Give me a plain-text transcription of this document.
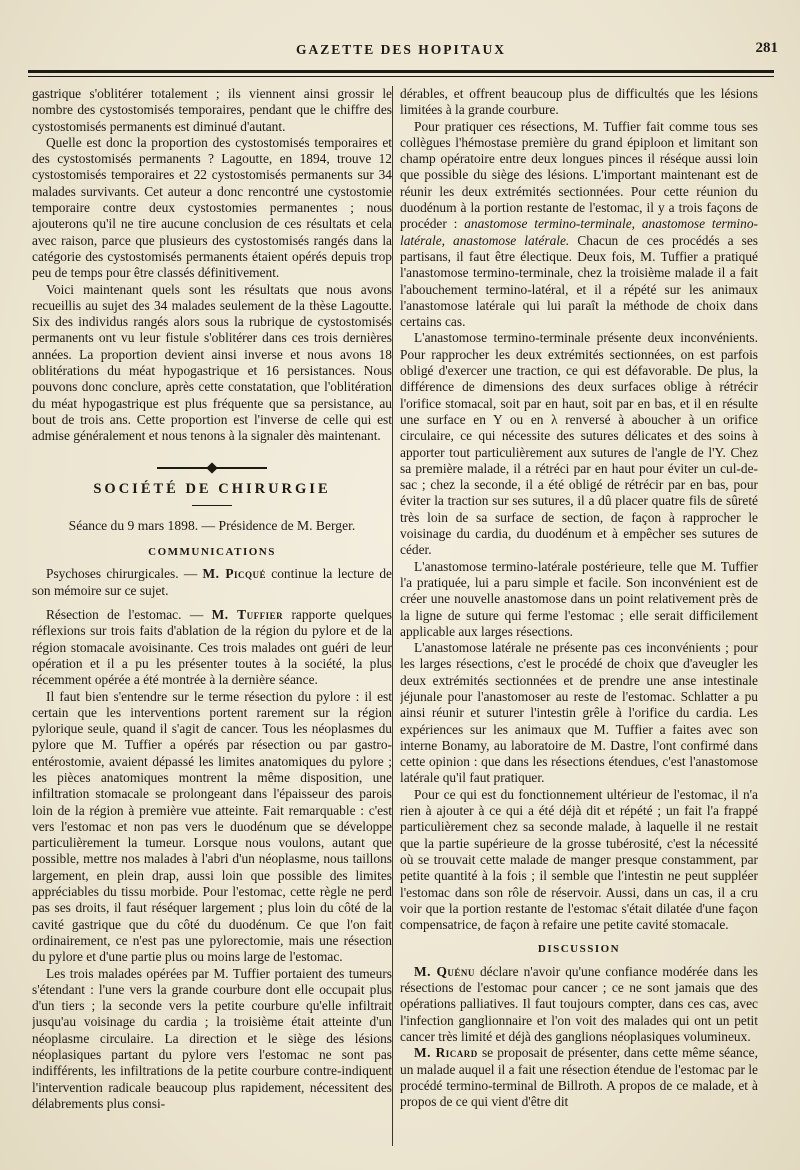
GAZETTE DES HOPITAUX	281

gastrique s'oblitérer totalement ; ils viennent ainsi grossir le nombre des cystostomisés temporaires, pendant que le chiffre des cystostomisés permanents est diminué d'autant.

Quelle est donc la proportion des cystostomisés temporaires et des cystostomisés permanents ? Lagoutte, en 1894, trouve 12 cystostomisés temporaires et 22 cystostomisés permanents sur 34 malades survivants. Cet auteur a donc rencontré une cystostomie temporaire contre deux cystostomies permanentes ; nous ajouterons qu'il ne tire aucune conclusion de ces résultats et cela avec raison, parce que plusieurs des cystostomisés rangés dans la catégorie des cystostomisés permanents étaient opérés depuis trop peu de temps pour être classés définitivement.

Voici maintenant quels sont les résultats que nous avons recueillis au sujet des 34 malades seulement de la thèse Lagoutte. Six des individus rangés alors sous la rubrique de cystostomisés permanents ont vu leur fistule s'oblitérer dans ces trois dernières années. La proportion devient ainsi inverse et nous avons 18 oblitérations du méat hypogastrique et 16 persistances. Nous pouvons donc conclure, après cette constatation, que l'oblitération du méat hypogastrique est plus fréquente que sa persistance, au bout de trois ans. Cette proportion est l'inverse de celle qui est admise généralement et nous tenons à la signaler dès maintenant.

SOCIÉTÉ DE CHIRURGIE
Séance du 9 mars 1898. — Présidence de M. Berger.
COMMUNICATIONS

Psychoses chirurgicales. — M. Picqué continue la lecture de son mémoire sur ce sujet.

Résection de l'estomac. — M. Tuffier rapporte quelques réflexions sur trois faits d'ablation de la région du pylore et de la région stomacale avoisinante. Ces trois malades ont guéri de leur opération et il a pu les présenter toutes à la société, la plus récemment opérée a été montrée à la dernière séance.

Il faut bien s'entendre sur le terme résection du pylore : il est certain que les interventions portent rarement sur la région pylorique seule, quand il s'agit de cancer. Tous les néoplasmes du pylore que M. Tuffier a opérés par résection ou par gastro-entérostomie, avaient dépassé les limites anatomiques du pylore ; les pièces anatomiques montrent la même disposition, une infiltration stomacale se prolongeant dans l'épaisseur des parois loin de la région à première vue atteinte. Fait remarquable : c'est vers l'estomac et non pas vers le duodénum que se développe particulièrement la tumeur. Lorsque nous voulons, autant que possible, mettre nos malades à l'abri d'un néoplasme, nous taillons largement, en plein drap, aussi loin que possible des limites appréciables du tissu morbide. Pour l'estomac, cette règle ne perd pas ses droits, il faut réséquer largement ; plus loin du côté de la cavité gastrique que du côté du duodénum. Ce que l'on fait ordinairement, ce n'est pas une pylorectomie, mais une résection du pylore et d'une partie plus ou moins large de l'estomac.

Les trois malades opérées par M. Tuffier portaient des tumeurs s'étendant : l'une vers la grande courbure dont elle occupait plus d'un tiers ; la seconde vers la petite courbure qu'elle infiltrait jusqu'au voisinage du cardia ; la troisième était atteinte d'un néoplasme circulaire. La direction et le siège des lésions néoplasiques partant du pylore vers l'estomac ne sont pas indifférents, les infiltrations de la petite courbure contre-indiquent l'intervention radicale beaucoup plus rapidement, nécessitent des délabrements plus consi-

dérables, et offrent beaucoup plus de difficultés que les lésions limitées à la grande courbure.

Pour pratiquer ces résections, M. Tuffier fait comme tous ses collègues l'hémostase première du grand épiploon et limitant son champ opératoire entre deux longues pinces il réséque aussi loin que possible du siège des lésions. L'important maintenant est de réunir les deux extrémités sectionnées. Pour cette réunion du duodénum à la portion restante de l'estomac, il y a trois façons de procéder : anastomose termino-terminale, anastomose termino-latérale, anastomose latérale. Chacun de ces procédés a ses partisans, il faut être électique. Deux fois, M. Tuffier a pratiqué l'anastomose termino-terminale, chez la troisième malade il a fait l'abouchement termino-latéral, et il a répété sur les animaux l'anastomose latérale qui lui paraît la méthode de choix dans certains cas.

L'anastomose termino-terminale présente deux inconvénients. Pour rapprocher les deux extrémités sectionnées, on est parfois obligé d'exercer une traction, ce qui est défavorable. De plus, la différence de dimensions des deux surfaces oblige à rétrécir l'orifice stomacal, soit par en haut, soit par en bas, et il en résulte une surface en Y ou en λ renversé à aboucher à un orifice circulaire, ce qui nécessite des sutures délicates et des soins à apporter tout particulièrement aux sutures de l'angle de l'Y. Chez sa première malade, il a rétréci par en haut pour éviter un cul-de-sac ; chez la seconde, il a été obligé de rétrécir par en bas, pour éviter la traction sur ses sutures, il a dû placer quatre fils de sûreté très loin de sa surface de section, de façon à rapprocher le voisinage du cardia, du duodénum et à empêcher ses sutures de céder.

L'anastomose termino-latérale postérieure, telle que M. Tuffier l'a pratiquée, lui a paru simple et facile. Son inconvénient est de créer une nouvelle anastomose dans un point relativement près de la ligne de suture qui ferme l'estomac ; elle serait difficilement applicable aux larges résections.

L'anastomose latérale ne présente pas ces inconvénients ; pour les larges résections, c'est le procédé de choix que d'aveugler les deux extrémités sectionnées et de prendre une anse intestinale jéjunale pour l'anastomoser au reste de l'estomac. Schlatter a pu ainsi réunir et suturer l'intestin grêle à l'orifice du cardia. Les expériences sur les animaux que M. Tuffier a faites avec son interne Bonamy, au laboratoire de M. Dastre, l'ont confirmé dans cette opinion : que dans les résections étendues, c'est l'anastomose latérale qu'il faut pratiquer.

Pour ce qui est du fonctionnement ultérieur de l'estomac, il n'a rien à ajouter à ce qui a été déjà dit et répété ; un fait l'a frappé particulièrement chez sa seconde malade, à laquelle il ne restait que la partie supérieure de la grosse tubérosité, c'est la nécessité où se trouvait cette malade de manger presque constamment, par petite quantité à la fois ; il semble que l'intestin ne peut suppléer l'estomac dans son rôle de réservoir. Aussi, dans un cas, il a cru voir que la portion restante de l'estomac s'était dilatée d'une façon compensatrice, de façon à refaire une petite cavité stomacale.

DISCUSSION

M. Quénu déclare n'avoir qu'une confiance modérée dans les résections de l'estomac pour cancer ; ce ne sont jamais que des opérations palliatives. Il faut toujours compter, dans ces cas, avec l'infection ganglionnaire et l'on voit des malades qui ont un petit cancer très limité et déjà des ganglions néoplasiques volumineux.

M. Ricard se proposait de présenter, dans cette même séance, un malade auquel il a fait une résection étendue de l'estomac par le procédé termino-terminal de Billroth. A propos de ce malade, et à propos de ce qui vient d'être dit
